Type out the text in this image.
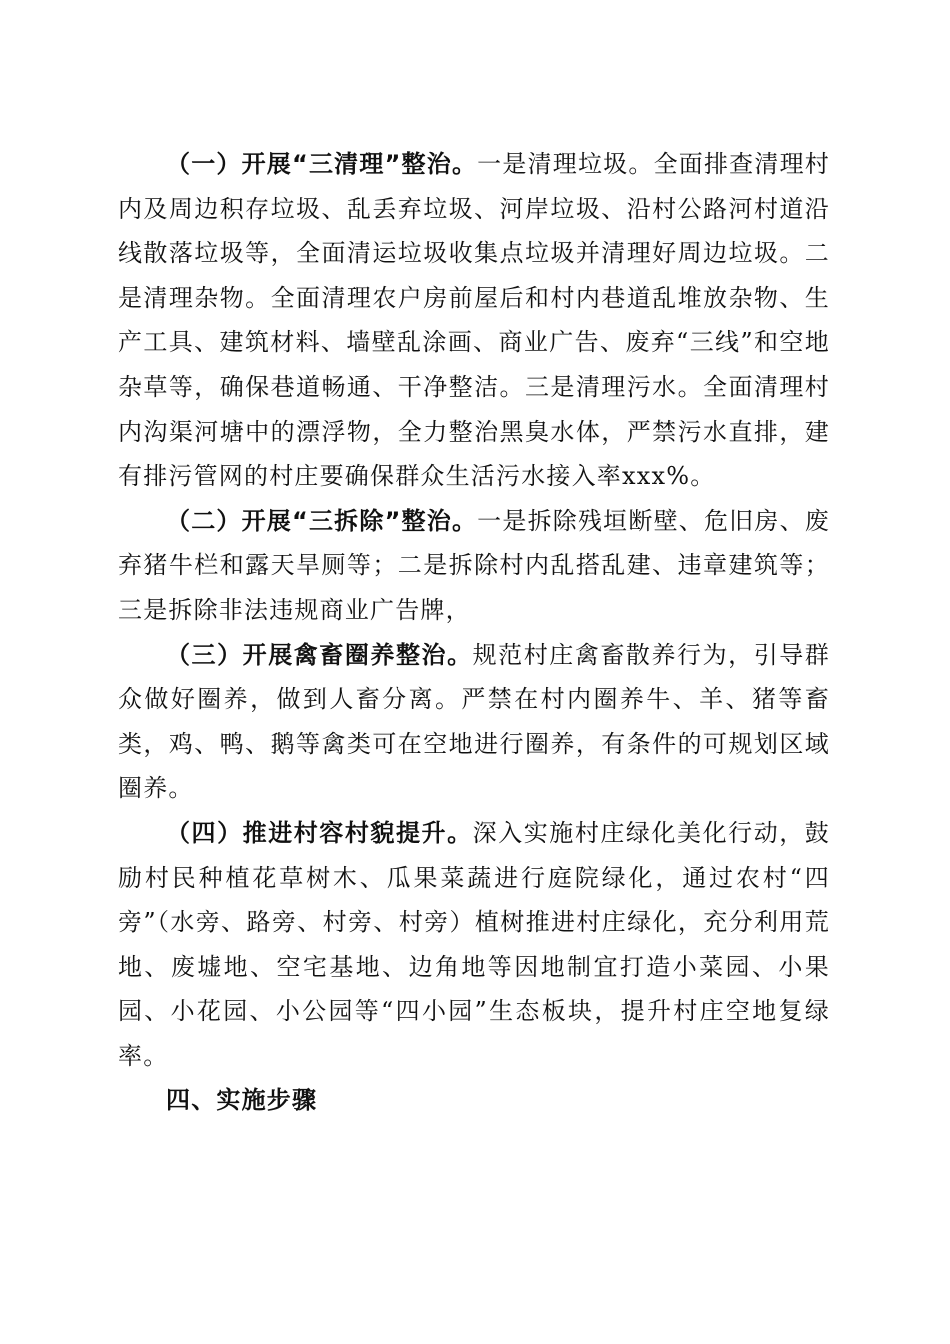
（一）开展“三清理”整治。一是清理垃圾。全面排查清理村内及周边积存垃圾、乱丢弃垃圾、河岸垃圾、沿村公路河村道沿线散落垃圾等，全面清运垃圾收集点垃圾并清理好周边垃圾。二是清理杂物。全面清理农户房前屋后和村内巷道乱堆放杂物、生产工具、建筑材料、墙壁乱涂画、商业广告、废弃“三线”和空地杂草等，确保巷道畅通、干净整洁。三是清理污水。全面清理村内沟渠河塘中的漂浮物，全力整治黑臭水体，严禁污水直排，建有排污管网的村庄要确保群众生活污水接入率xxx%。

（二）开展“三拆除”整治。一是拆除残垣断壁、危旧房、废弃猪牛栏和露天旱厕等；二是拆除村内乱搭乱建、违章建筑等；三是拆除非法违规商业广告牌，

（三）开展禽畜圈养整治。规范村庄禽畜散养行为，引导群众做好圈养，做到人畜分离。严禁在村内圈养牛、羊、猪等畜类，鸡、鸭、鹅等禽类可在空地进行圈养，有条件的可规划区域圈养。

（四）推进村容村貌提升。深入实施村庄绿化美化行动，鼓励村民种植花草树木、瓜果菜蔬进行庭院绿化，通过农村“四旁”（水旁、路旁、村旁、村旁）植树推进村庄绿化，充分利用荒地、废墟地、空宅基地、边角地等因地制宜打造小菜园、小果园、小花园、小公园等“四小园”生态板块，提升村庄空地复绿率。

四、实施步骤
